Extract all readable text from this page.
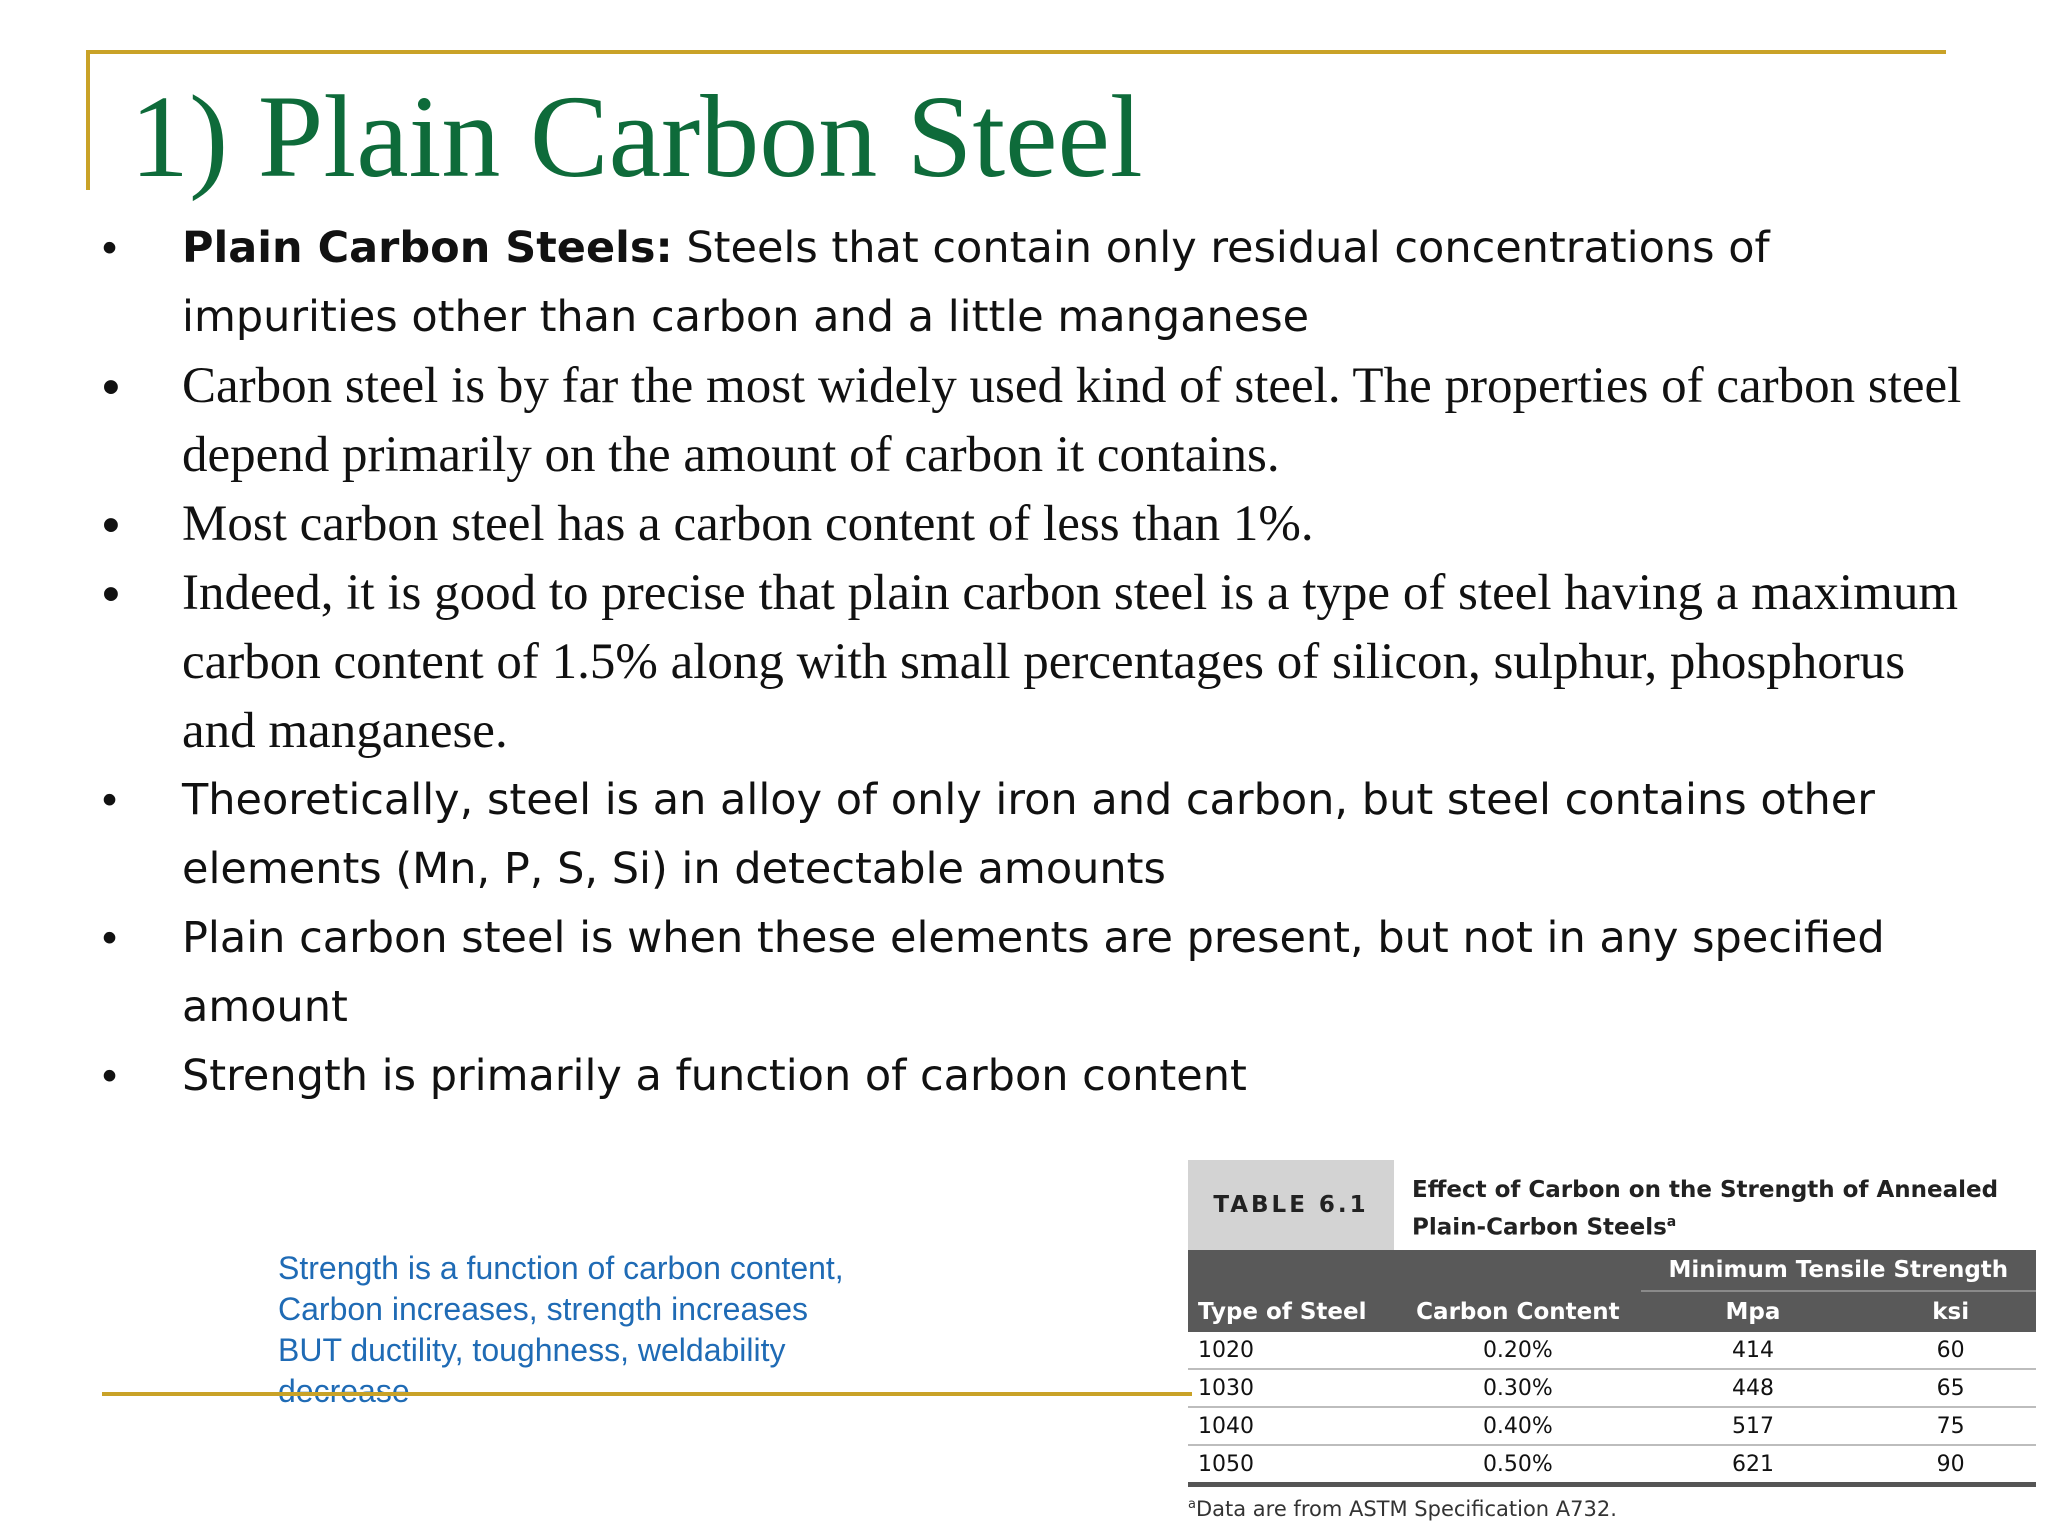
1) Plain Carbon Steel
•	Plain Carbon Steels: Steels that contain only residual concentrations of impurities other than carbon and a little manganese
•	Carbon steel is by far the most widely used kind of steel. The properties of carbon steel depend primarily on the amount of carbon it contains.
•	Most carbon steel has a carbon content of less than 1%.
•	Indeed, it is good to precise that plain carbon steel is a type of steel having a maximum carbon content of 1.5% along with small percentages of silicon, sulphur, phosphorus and manganese.
•	Theoretically, steel is an alloy of only iron and carbon, but steel contains other elements (Mn, P, S, Si) in detectable amounts
•	Plain carbon steel is when these elements are present, but not in any specified amount
•	Strength is primarily a function of carbon content
Strength is a function of carbon content,
Carbon increases, strength increases
BUT ductility, toughness, weldability
decrease
TABLE 6.1
Effect of Carbon on the Strength of Annealed
Plain-Carbon Steels$^a$
		Minimum Tensile Strength	
Type of Steel	Carbon Content	Mpa	ksi
1020	0.20%	414	60
1030	0.30%	448	65
1040	0.40%	517	75
1050	0.50%	621	90
$^a$Data are from ASTM Specification A732.
